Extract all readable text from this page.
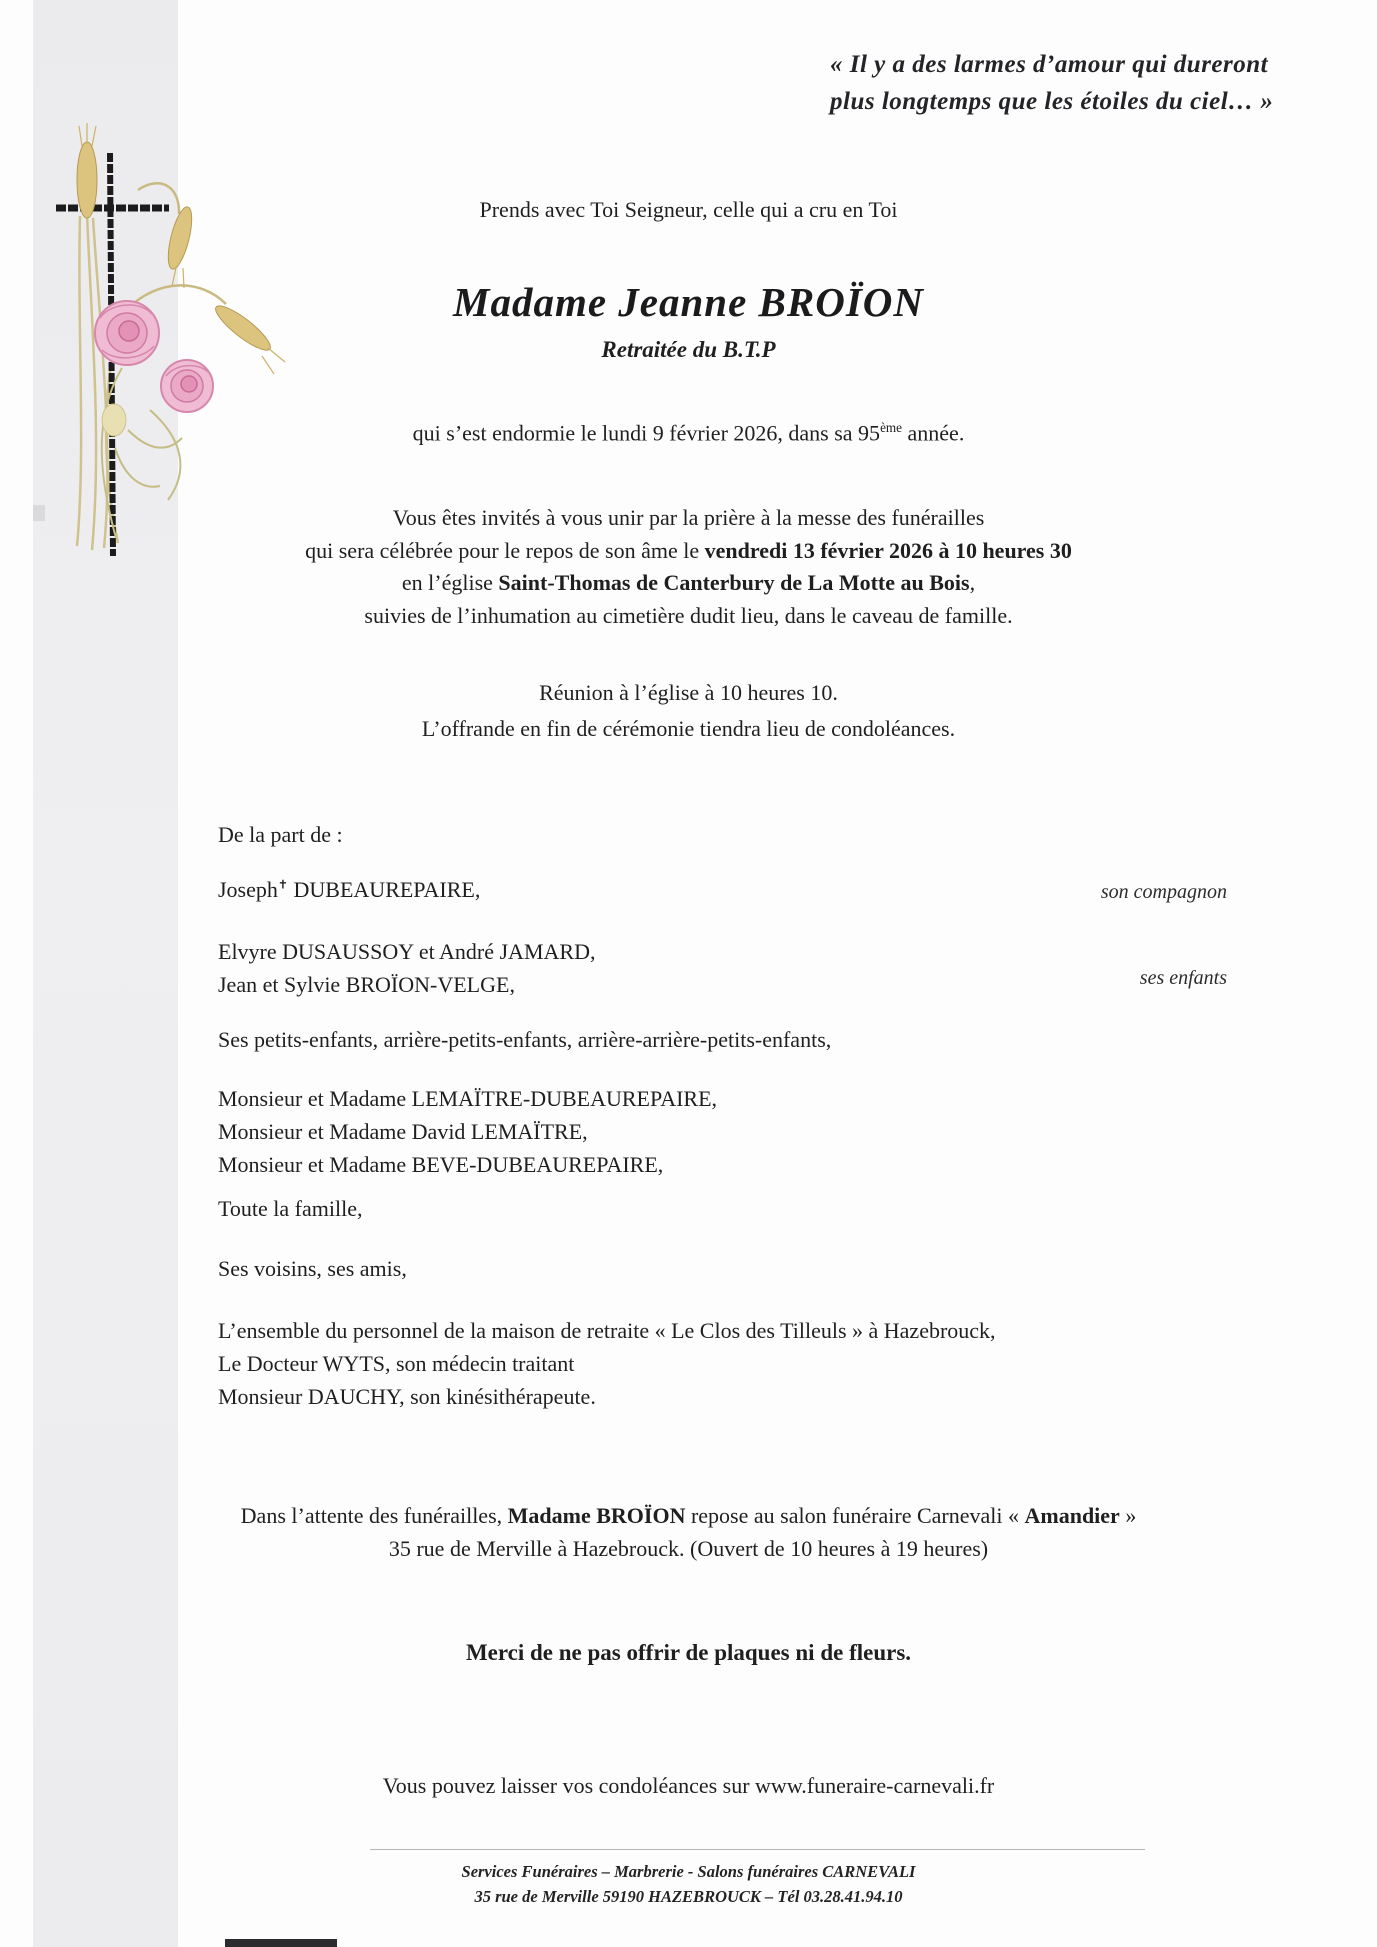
« Il y a des larmes d’amour qui dureront
plus longtemps que les étoiles du ciel… »
Prends avec Toi Seigneur, celle qui a cru en Toi
Madame Jeanne BROÏON
Retraitée du B.T.P
qui s’est endormie le lundi 9 février 2026, dans sa 95ème année.
Vous êtes invités à vous unir par la prière à la messe des funérailles
qui sera célébrée pour le repos de son âme le vendredi 13 février 2026 à 10 heures 30
en l’église Saint-Thomas de Canterbury de La Motte au Bois,
suivies de l’inhumation au cimetière dudit lieu, dans le caveau de famille.
Réunion à l’église à 10 heures 10.
L’offrande en fin de cérémonie tiendra lieu de condoléances.
De la part de :
Joseph✝ DUBEAUREPAIRE,	son compagnon
Elvyre DUSAUSSOY et André JAMARD,
Jean et Sylvie BROÏON-VELGE,	ses enfants
Ses petits-enfants, arrière-petits-enfants, arrière-arrière-petits-enfants,
Monsieur et Madame LEMAÏTRE-DUBEAUREPAIRE,
Monsieur et Madame David LEMAÏTRE,
Monsieur et Madame BEVE-DUBEAUREPAIRE,
Toute la famille,
Ses voisins, ses amis,
L’ensemble du personnel de la maison de retraite « Le Clos des Tilleuls » à Hazebrouck,
Le Docteur WYTS, son médecin traitant
Monsieur DAUCHY, son kinésithérapeute.
Dans l’attente des funérailles, Madame BROÏON repose au salon funéraire Carnevali « Amandier »
35 rue de Merville à Hazebrouck. (Ouvert de 10 heures à 19 heures)
Merci de ne pas offrir de plaques ni de fleurs.
Vous pouvez laisser vos condoléances sur www.funeraire-carnevali.fr
Services Funéraires – Marbrerie - Salons funéraires CARNEVALI
35 rue de Merville 59190 HAZEBROUCK – Tél 03.28.41.94.10
